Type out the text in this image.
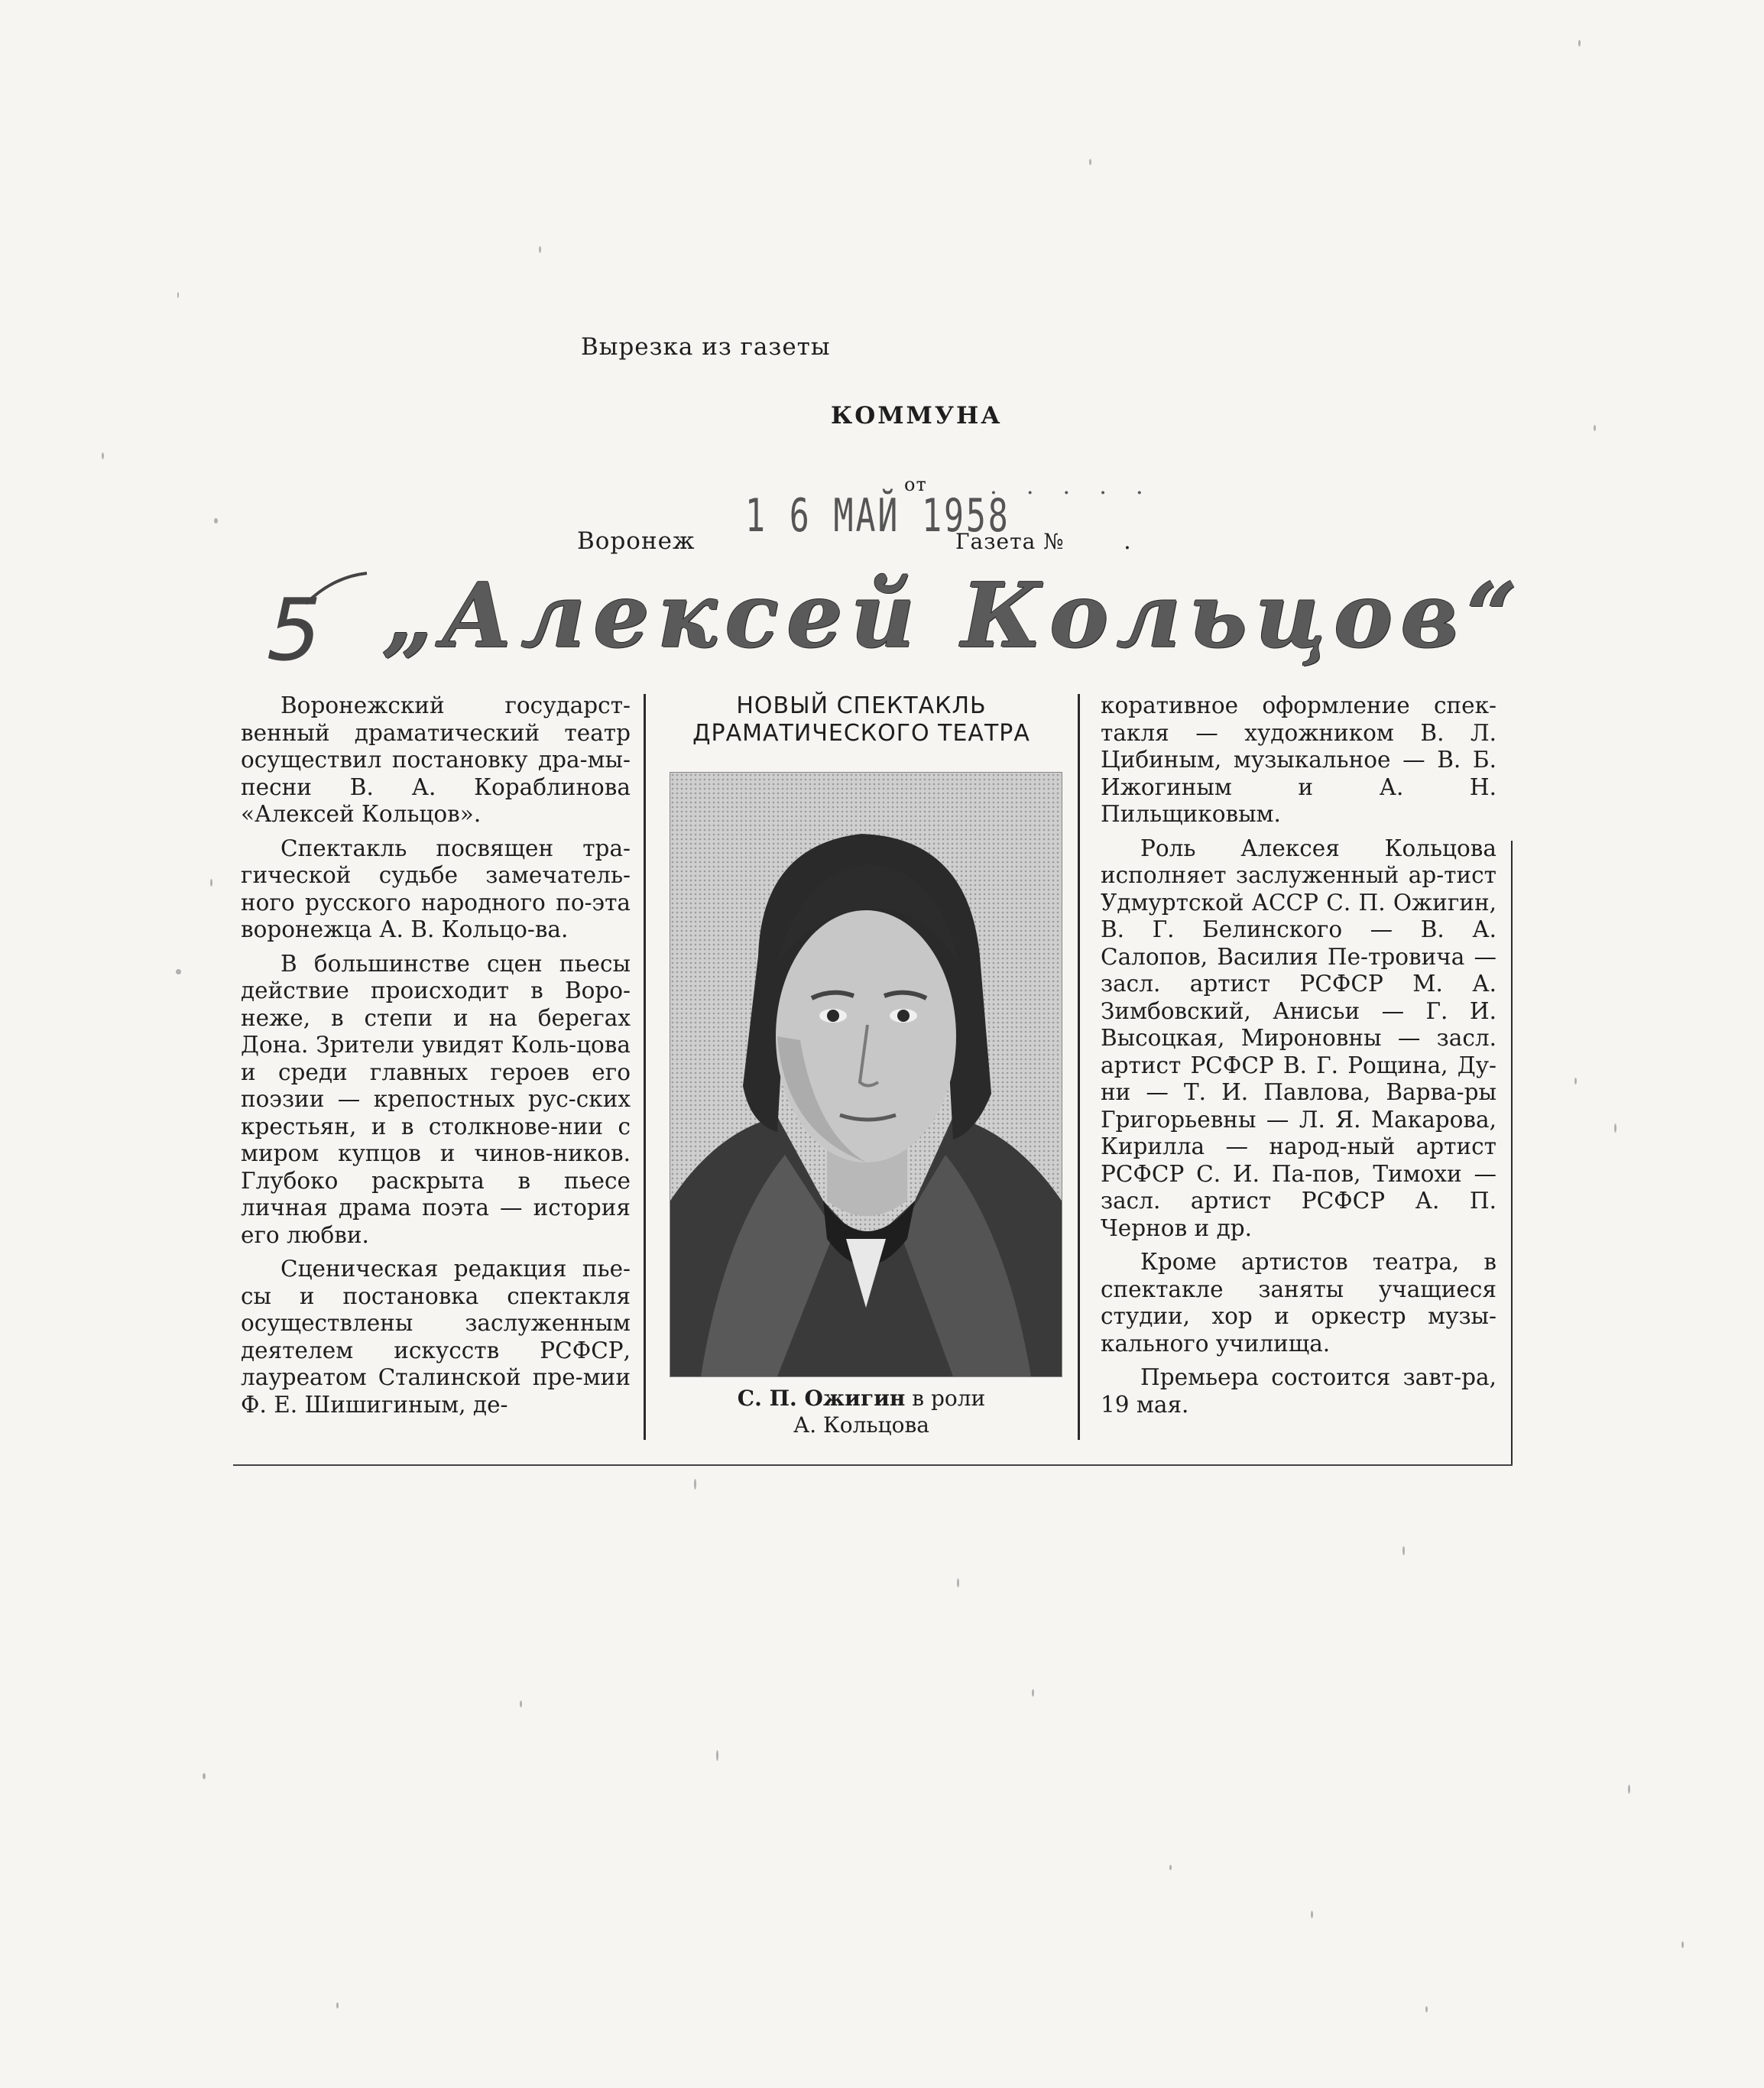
Вырезка из газеты
КОММУНА
от
1 6 МАЙ 1958
. . . . .
Воронеж	Газета № .
5 „Алексей Кольцов“

Воронежский государст-венный драматический театр осуществил постановку дра-мы-песни В. А. Кораблинова «Алексей Кольцов».

Спектакль посвящен тра-гической судьбе замечатель-ного русского народного по-эта воронежца А. В. Кольцо-ва.

В большинстве сцен пьесы действие происходит в Воро-неже, в степи и на берегах Дона. Зрители увидят Коль-цова и среди главных героев его поэзии — крепостных рус-ских крестьян, и в столкнове-нии с миром купцов и чинов-ников. Глубоко раскрыта в пьесе личная драма поэта — история его любви.

Сценическая редакция пье-сы и постановка спектакля осуществлены заслуженным деятелем искусств РСФСР, лауреатом Сталинской пре-мии Ф. Е. Шишигиным, де-

НОВЫЙ СПЕКТАКЛЬ
ДРАМАТИЧЕСКОГО ТЕАТРА
С. П. Ожигин в роли
А. Кольцова

коративное оформление спек-такля — художником В. Л. Цибиным, музыкальное — В. Б. Ижогиным и А. Н. Пильщиковым.

Роль Алексея Кольцова исполняет заслуженный ар-тист Удмуртской АССР С. П. Ожигин, В. Г. Белинского — В. А. Салопов, Василия Пе-тровича — засл. артист РСФСР М. А. Зимбовский, Анисьи — Г. И. Высоцкая, Мироновны — засл. артист РСФСР В. Г. Рощина, Ду-ни — Т. И. Павлова, Варва-ры Григорьевны — Л. Я. Макарова, Кирилла — народ-ный артист РСФСР С. И. Па-пов, Тимохи — засл. артист РСФСР А. П. Чернов и др.

Кроме артистов театра, в спектакле заняты учащиеся студии, хор и оркестр музы-кального училища.

Премьера состоится завт-ра, 19 мая.
